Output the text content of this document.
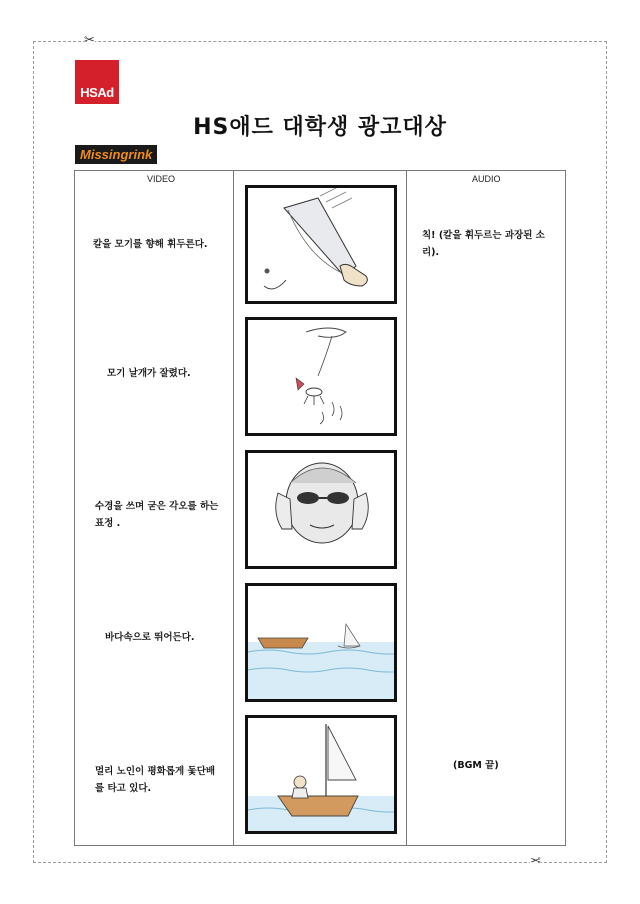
✂
✂
HSAd
HS애드 대학생 광고대상
Missingrink
VIDEO	AUDIO
칼을 모기를 향해 휘두른다.
칙! (칼을 휘두르는 과장된 소리).
모기 날개가 잘렸다.
수경을 쓰며 굳은 각오를 하는 표정 .
바다속으로 뛰어든다.
멀리 노인이 평화롭게 돛단배를 타고 있다.
(BGM 끝)
